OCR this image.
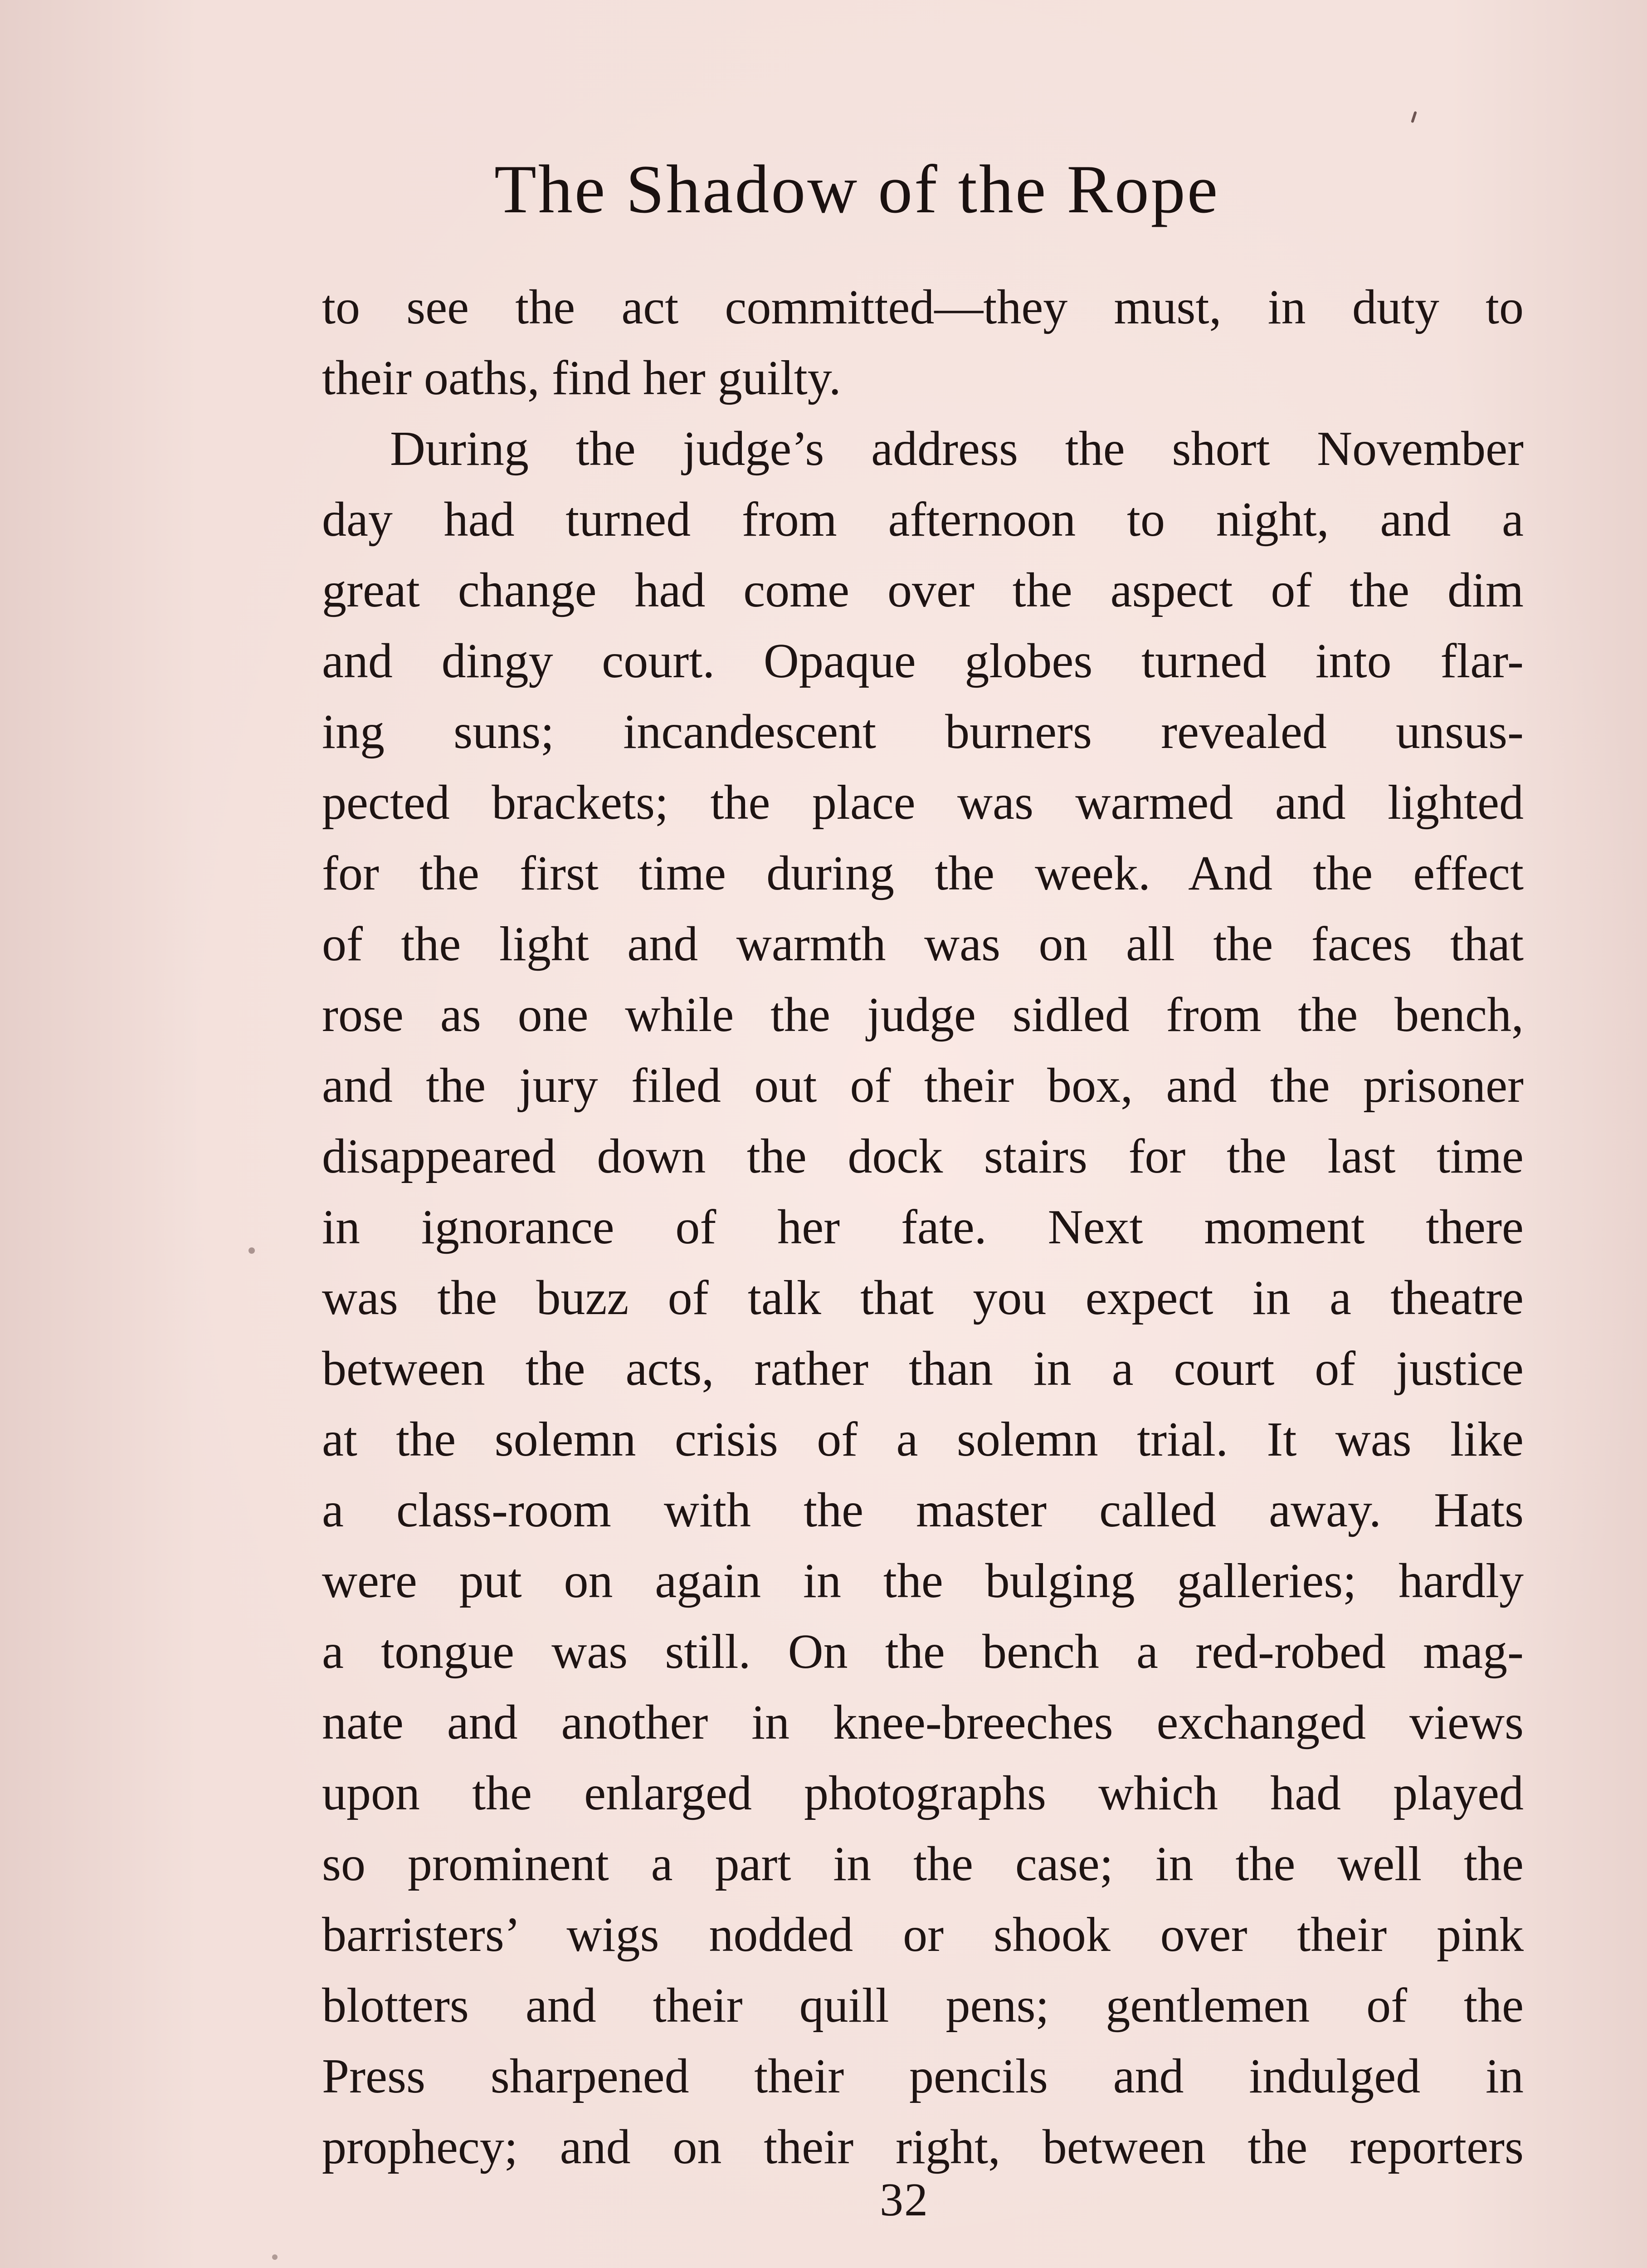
The Shadow of the Rope
to see the act committed—they must, in duty to
their oaths, find her guilty.
During the judge’s address the short November
day had turned from afternoon to night, and a
great change had come over the aspect of the dim
and dingy court. Opaque globes turned into flar-
ing suns; incandescent burners revealed unsus-
pected brackets; the place was warmed and lighted
for the first time during the week. And the effect
of the light and warmth was on all the faces that
rose as one while the judge sidled from the bench,
and the jury filed out of their box, and the prisoner
disappeared down the dock stairs for the last time
in ignorance of her fate. Next moment there
was the buzz of talk that you expect in a theatre
between the acts, rather than in a court of justice
at the solemn crisis of a solemn trial. It was like
a class-room with the master called away. Hats
were put on again in the bulging galleries; hardly
a tongue was still. On the bench a red-robed mag-
nate and another in knee-breeches exchanged views
upon the enlarged photographs which had played
so prominent a part in the case; in the well the
barristers’ wigs nodded or shook over their pink
blotters and their quill pens; gentlemen of the
Press sharpened their pencils and indulged in
prophecy; and on their right, between the reporters
32
